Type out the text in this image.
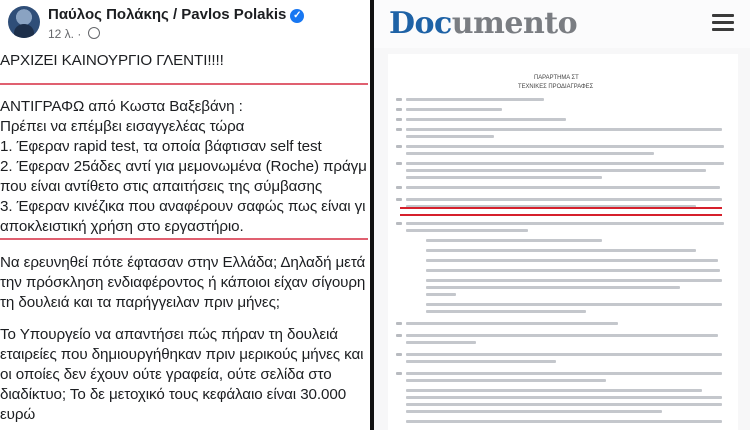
Παύλος Πολάκης / Pavlos Polakis ✓
12 λ. ·
ΑΡΧΙΖΕΙ ΚΑΙΝΟΥΡΓΙΟ ΓΛΕΝΤΙ!!!!
ΑΝΤΙΓΡΑΦΩ από Κωστα Βαξεβάνη :
Πρέπει να επέμβει εισαγγελέας τώρα
1. Έφεραν rapid test, τα οποία βάφτισαν self test
2. Έφεραν 25άδες αντί για μεμονωμένα (Roche) πράγμ
που είναι αντίθετο στις απαιτήσεις της σύμβασης
3. Έφεραν κινέζικα που αναφέρουν σαφώς πως είναι γι
αποκλειστική χρήση στο εργαστήριο.
Να ερευνηθεί πότε έφτασαν στην Ελλάδα; Δηλαδή μετά
την πρόσκληση ενδιαφέροντος ή κάποιοι είχαν σίγουρη
τη δουλειά και τα παρήγγειλαν πριν μήνες;
Το Υπουργείο να απαντήσει πώς πήραν τη δουλειά
εταιρείες που δημιουργήθηκαν πριν μερικούς μήνες και
οι οποίες δεν έχουν ούτε γραφεία, ούτε σελίδα στο
διαδίκτυο; Το δε μετοχικό τους κεφάλαιο είναι 30.000
ευρώ
Documento
ΠΑΡΑΡΤΗΜΑ ΣΤ
ΤΕΧΝΙΚΕΣ ΠΡΟΔΙΑΓΡΑΦΕΣ
